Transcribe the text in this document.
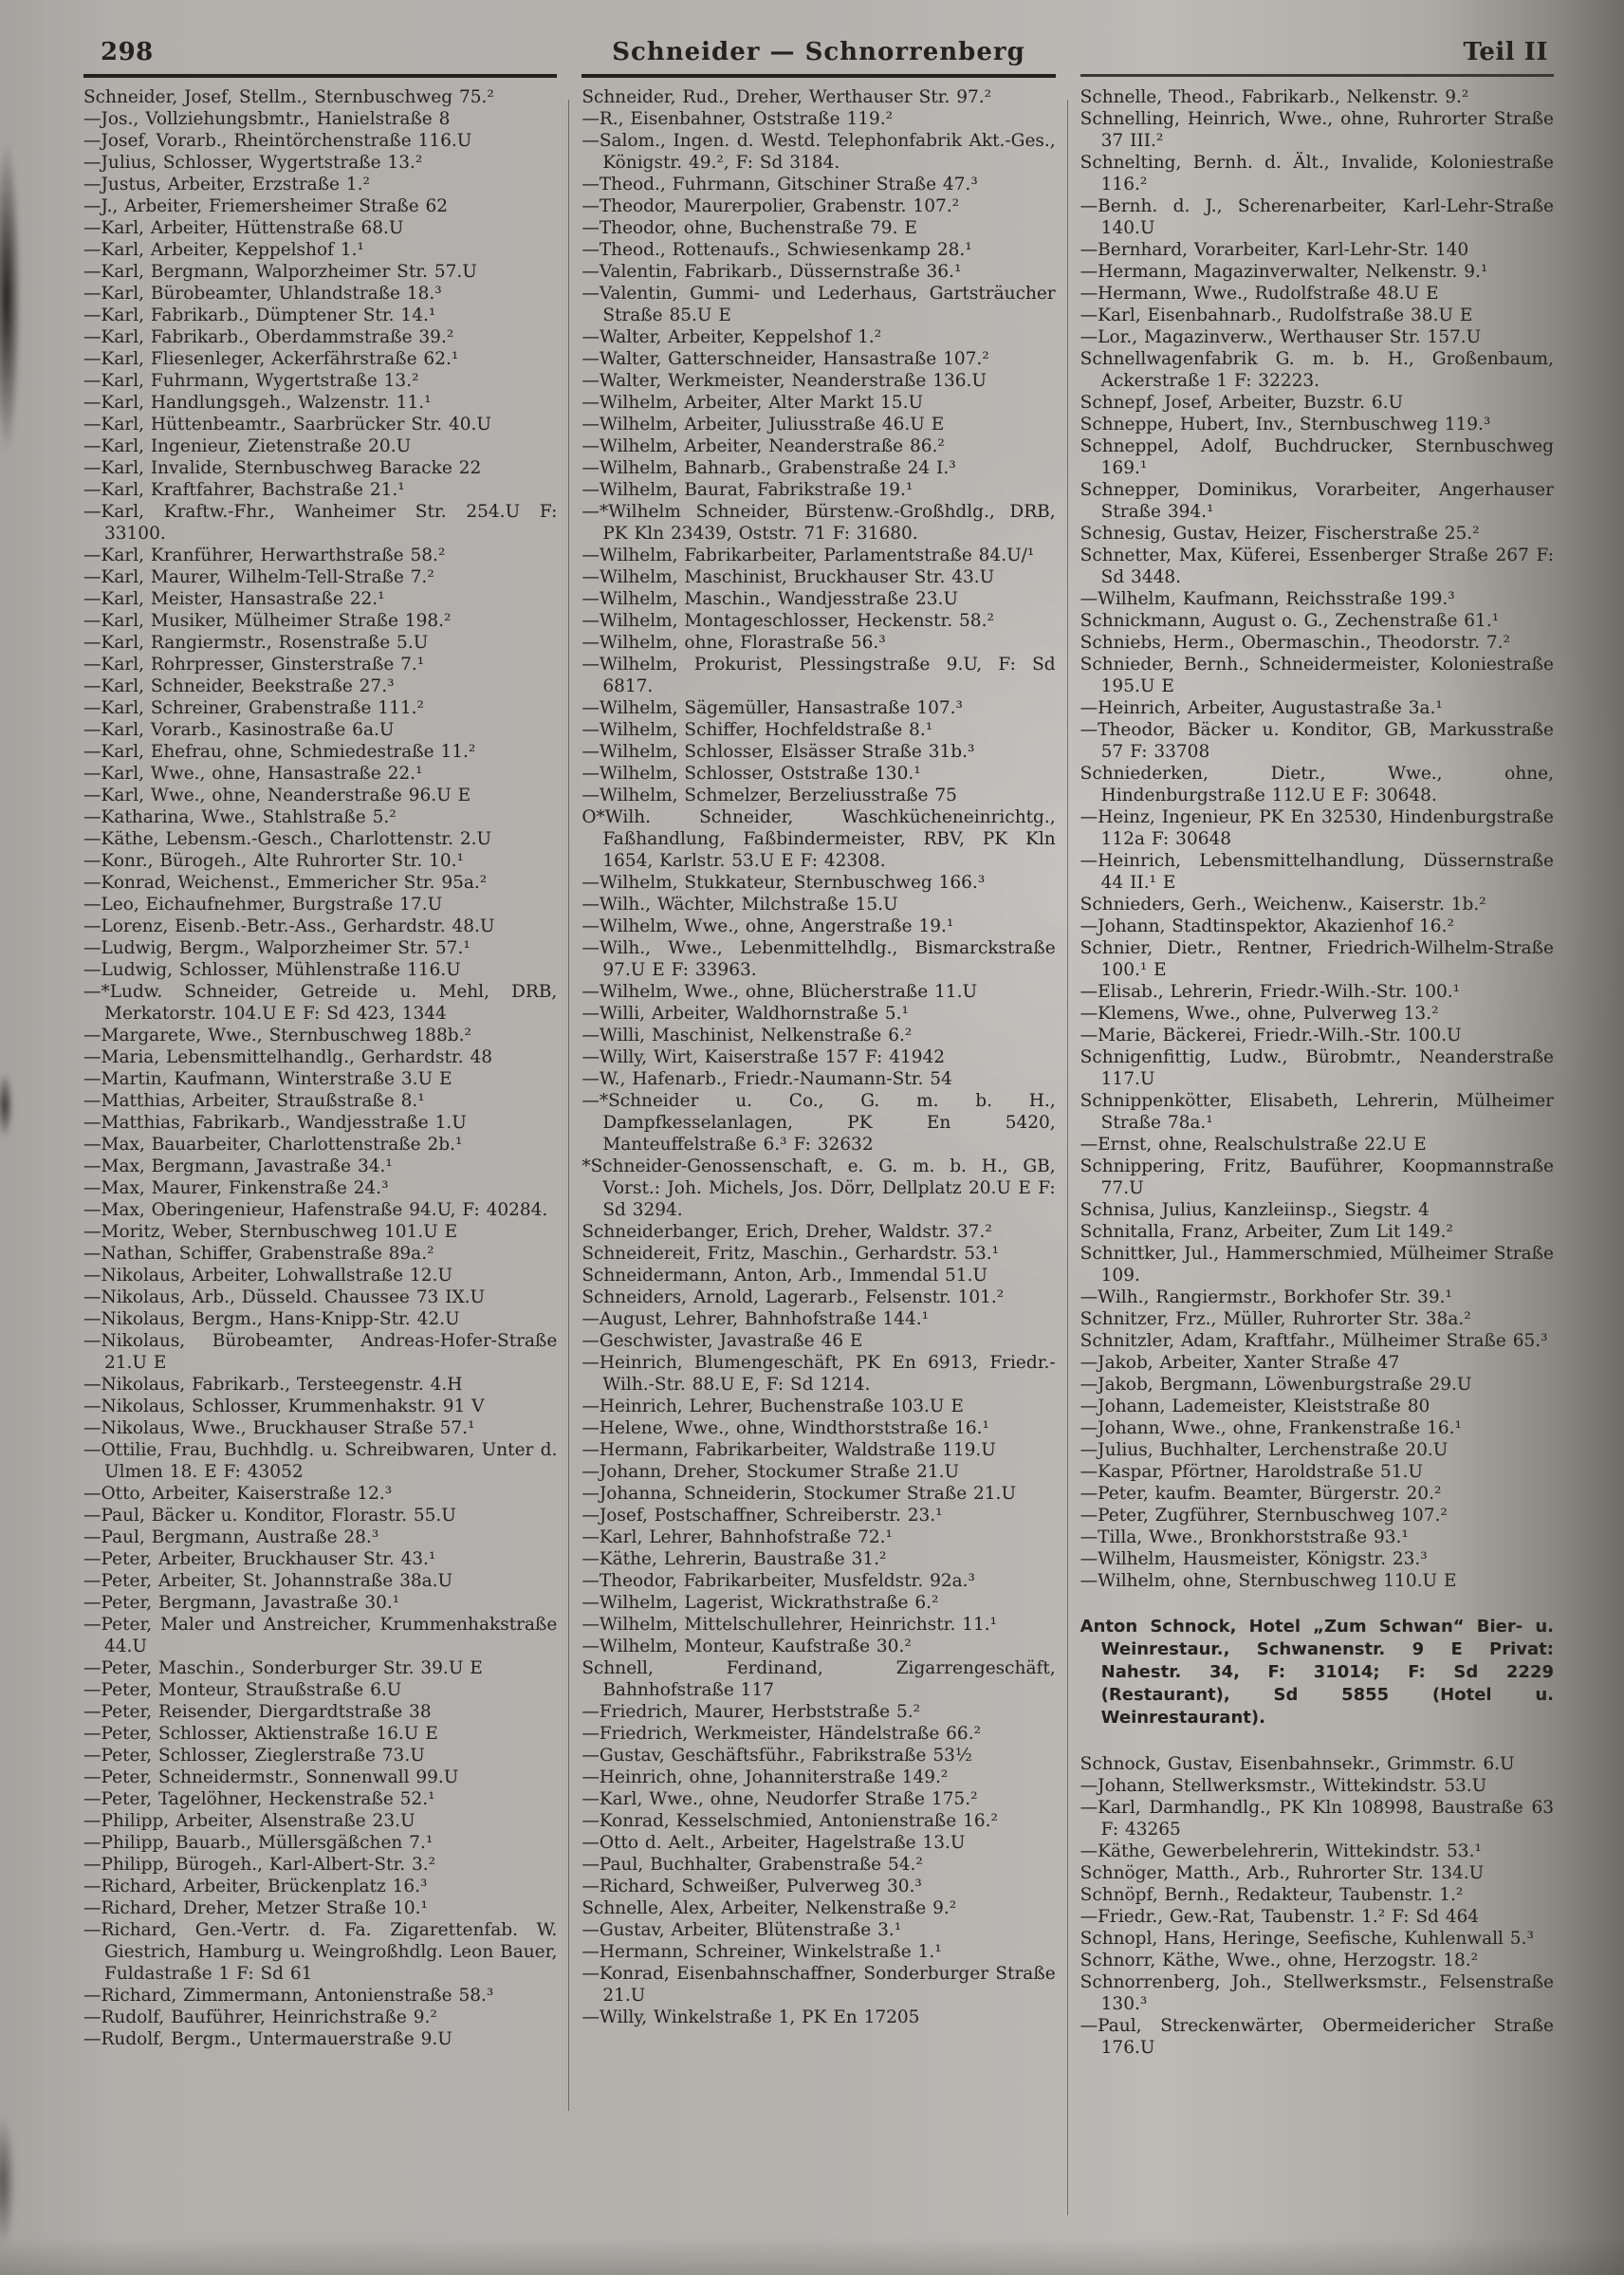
298	Schneider — Schnorrenberg	Teil II

Schneider, Josef, Stellm., Sternbuschweg 75.²

—Jos., Vollziehungsbmtr., Hanielstraße 8

—Josef, Vorarb., Rheintörchenstraße 116.U

—Julius, Schlosser, Wygertstraße 13.²

—Justus, Arbeiter, Erzstraße 1.²

—J., Arbeiter, Friemersheimer Straße 62

—Karl, Arbeiter, Hüttenstraße 68.U

—Karl, Arbeiter, Keppelshof 1.¹

—Karl, Bergmann, Walporzheimer Str. 57.U

—Karl, Bürobeamter, Uhlandstraße 18.³

—Karl, Fabrikarb., Dümptener Str. 14.¹

—Karl, Fabrikarb., Oberdammstraße 39.²

—Karl, Fliesenleger, Ackerfährstraße 62.¹

—Karl, Fuhrmann, Wygertstraße 13.²

—Karl, Handlungsgeh., Walzenstr. 11.¹

—Karl, Hüttenbeamtr., Saarbrücker Str. 40.U

—Karl, Ingenieur, Zietenstraße 20.U

—Karl, Invalide, Sternbuschweg Baracke 22

—Karl, Kraftfahrer, Bachstraße 21.¹

—Karl, Kraftw.-Fhr., Wanheimer Str. 254.U F: 33100.

—Karl, Kranführer, Herwarthstraße 58.²

—Karl, Maurer, Wilhelm-Tell-Straße 7.²

—Karl, Meister, Hansastraße 22.¹

—Karl, Musiker, Mülheimer Straße 198.²

—Karl, Rangiermstr., Rosenstraße 5.U

—Karl, Rohrpresser, Ginsterstraße 7.¹

—Karl, Schneider, Beekstraße 27.³

—Karl, Schreiner, Grabenstraße 111.²

—Karl, Vorarb., Kasinostraße 6a.U

—Karl, Ehefrau, ohne, Schmiedestraße 11.²

—Karl, Wwe., ohne, Hansastraße 22.¹

—Karl, Wwe., ohne, Neanderstraße 96.U E

—Katharina, Wwe., Stahlstraße 5.²

—Käthe, Lebensm.-Gesch., Charlottenstr. 2.U

—Konr., Bürogeh., Alte Ruhrorter Str. 10.¹

—Konrad, Weichenst., Emmericher Str. 95a.²

—Leo, Eichaufnehmer, Burgstraße 17.U

—Lorenz, Eisenb.-Betr.-Ass., Gerhardstr. 48.U

—Ludwig, Bergm., Walporzheimer Str. 57.¹

—Ludwig, Schlosser, Mühlenstraße 116.U

—*Ludw. Schneider, Getreide u. Mehl, DRB, Merkatorstr. 104.U E F: Sd 423, 1344

—Margarete, Wwe., Sternbuschweg 188b.²

—Maria, Lebensmittelhandlg., Gerhardstr. 48

—Martin, Kaufmann, Winterstraße 3.U E

—Matthias, Arbeiter, Straußstraße 8.¹

—Matthias, Fabrikarb., Wandjesstraße 1.U

—Max, Bauarbeiter, Charlottenstraße 2b.¹

—Max, Bergmann, Javastraße 34.¹

—Max, Maurer, Finkenstraße 24.³

—Max, Oberingenieur, Hafenstraße 94.U, F: 40284.

—Moritz, Weber, Sternbuschweg 101.U E

—Nathan, Schiffer, Grabenstraße 89a.²

—Nikolaus, Arbeiter, Lohwallstraße 12.U

—Nikolaus, Arb., Düsseld. Chaussee 73 IX.U

—Nikolaus, Bergm., Hans-Knipp-Str. 42.U

—Nikolaus, Bürobeamter, Andreas-Hofer-Straße 21.U E

—Nikolaus, Fabrikarb., Tersteegenstr. 4.H

—Nikolaus, Schlosser, Krummenhakstr. 91 V

—Nikolaus, Wwe., Bruckhauser Straße 57.¹

—Ottilie, Frau, Buchhdlg. u. Schreibwaren, Unter d. Ulmen 18. E F: 43052

—Otto, Arbeiter, Kaiserstraße 12.³

—Paul, Bäcker u. Konditor, Florastr. 55.U

—Paul, Bergmann, Austraße 28.³

—Peter, Arbeiter, Bruckhauser Str. 43.¹

—Peter, Arbeiter, St. Johannstraße 38a.U

—Peter, Bergmann, Javastraße 30.¹

—Peter, Maler und Anstreicher, Krummenhakstraße 44.U

—Peter, Maschin., Sonderburger Str. 39.U E

—Peter, Monteur, Straußstraße 6.U

—Peter, Reisender, Diergardtstraße 38

—Peter, Schlosser, Aktienstraße 16.U E

—Peter, Schlosser, Zieglerstraße 73.U

—Peter, Schneidermstr., Sonnenwall 99.U

—Peter, Tagelöhner, Heckenstraße 52.¹

—Philipp, Arbeiter, Alsenstraße 23.U

—Philipp, Bauarb., Müllersgäßchen 7.¹

—Philipp, Bürogeh., Karl-Albert-Str. 3.²

—Richard, Arbeiter, Brückenplatz 16.³

—Richard, Dreher, Metzer Straße 10.¹

—Richard, Gen.-Vertr. d. Fa. Zigarettenfab. W. Giestrich, Hamburg u. Weingroßhdlg. Leon Bauer, Fuldastraße 1 F: Sd 61

—Richard, Zimmermann, Antonienstraße 58.³

—Rudolf, Bauführer, Heinrichstraße 9.²

—Rudolf, Bergm., Untermauerstraße 9.U

Schneider, Rud., Dreher, Werthauser Str. 97.²

—R., Eisenbahner, Oststraße 119.²

—Salom., Ingen. d. Westd. Telephonfabrik Akt.-Ges., Königstr. 49.², F: Sd 3184.

—Theod., Fuhrmann, Gitschiner Straße 47.³

—Theodor, Maurerpolier, Grabenstr. 107.²

—Theodor, ohne, Buchenstraße 79. E

—Theod., Rottenaufs., Schwiesenkamp 28.¹

—Valentin, Fabrikarb., Düssernstraße 36.¹

—Valentin, Gummi- und Lederhaus, Gartsträucher Straße 85.U E

—Walter, Arbeiter, Keppelshof 1.²

—Walter, Gatterschneider, Hansastraße 107.²

—Walter, Werkmeister, Neanderstraße 136.U

—Wilhelm, Arbeiter, Alter Markt 15.U

—Wilhelm, Arbeiter, Juliusstraße 46.U E

—Wilhelm, Arbeiter, Neanderstraße 86.²

—Wilhelm, Bahnarb., Grabenstraße 24 I.³

—Wilhelm, Baurat, Fabrikstraße 19.¹

—*Wilhelm Schneider, Bürstenw.-Großhdlg., DRB, PK Kln 23439, Oststr. 71 F: 31680.

—Wilhelm, Fabrikarbeiter, Parlamentstraße 84.U/¹

—Wilhelm, Maschinist, Bruckhauser Str. 43.U

—Wilhelm, Maschin., Wandjesstraße 23.U

—Wilhelm, Montageschlosser, Heckenstr. 58.²

—Wilhelm, ohne, Florastraße 56.³

—Wilhelm, Prokurist, Plessingstraße 9.U, F: Sd 6817.

—Wilhelm, Sägemüller, Hansastraße 107.³

—Wilhelm, Schiffer, Hochfeldstraße 8.¹

—Wilhelm, Schlosser, Elsässer Straße 31b.³

—Wilhelm, Schlosser, Oststraße 130.¹

—Wilhelm, Schmelzer, Berzeliusstraße 75

O*Wilh. Schneider, Waschkücheneinrichtg., Faßhandlung, Faßbindermeister, RBV, PK Kln 1654, Karlstr. 53.U E F: 42308.

—Wilhelm, Stukkateur, Sternbuschweg 166.³

—Wilh., Wächter, Milchstraße 15.U

—Wilhelm, Wwe., ohne, Angerstraße 19.¹

—Wilh., Wwe., Lebenmittelhdlg., Bismarckstraße 97.U E F: 33963.

—Wilhelm, Wwe., ohne, Blücherstraße 11.U

—Willi, Arbeiter, Waldhornstraße 5.¹

—Willi, Maschinist, Nelkenstraße 6.²

—Willy, Wirt, Kaiserstraße 157 F: 41942

—W., Hafenarb., Friedr.-Naumann-Str. 54

—*Schneider u. Co., G. m. b. H., Dampfkesselanlagen, PK En 5420, Manteuffelstraße 6.³ F: 32632

*Schneider-Genossenschaft, e. G. m. b. H., GB, Vorst.: Joh. Michels, Jos. Dörr, Dellplatz 20.U E F: Sd 3294.

Schneiderbanger, Erich, Dreher, Waldstr. 37.²

Schneidereit, Fritz, Maschin., Gerhardstr. 53.¹

Schneidermann, Anton, Arb., Immendal 51.U

Schneiders, Arnold, Lagerarb., Felsenstr. 101.²

—August, Lehrer, Bahnhofstraße 144.¹

—Geschwister, Javastraße 46 E

—Heinrich, Blumengeschäft, PK En 6913, Friedr.-Wilh.-Str. 88.U E, F: Sd 1214.

—Heinrich, Lehrer, Buchenstraße 103.U E

—Helene, Wwe., ohne, Windthorststraße 16.¹

—Hermann, Fabrikarbeiter, Waldstraße 119.U

—Johann, Dreher, Stockumer Straße 21.U

—Johanna, Schneiderin, Stockumer Straße 21.U

—Josef, Postschaffner, Schreiberstr. 23.¹

—Karl, Lehrer, Bahnhofstraße 72.¹

—Käthe, Lehrerin, Baustraße 31.²

—Theodor, Fabrikarbeiter, Musfeldstr. 92a.³

—Wilhelm, Lagerist, Wickrathstraße 6.²

—Wilhelm, Mittelschullehrer, Heinrichstr. 11.¹

—Wilhelm, Monteur, Kaufstraße 30.²

Schnell, Ferdinand, Zigarrengeschäft, Bahnhofstraße 117

—Friedrich, Maurer, Herbststraße 5.²

—Friedrich, Werkmeister, Händelstraße 66.²

—Gustav, Geschäftsführ., Fabrikstraße 53½

—Heinrich, ohne, Johanniterstraße 149.²

—Karl, Wwe., ohne, Neudorfer Straße 175.²

—Konrad, Kesselschmied, Antonienstraße 16.²

—Otto d. Aelt., Arbeiter, Hagelstraße 13.U

—Paul, Buchhalter, Grabenstraße 54.²

—Richard, Schweißer, Pulverweg 30.³

Schnelle, Alex, Arbeiter, Nelkenstraße 9.²

—Gustav, Arbeiter, Blütenstraße 3.¹

—Hermann, Schreiner, Winkelstraße 1.¹

—Konrad, Eisenbahnschaffner, Sonderburger Straße 21.U

—Willy, Winkelstraße 1, PK En 17205

Schnelle, Theod., Fabrikarb., Nelkenstr. 9.²

Schnelling, Heinrich, Wwe., ohne, Ruhrorter Straße 37 III.²

Schnelting, Bernh. d. Ält., Invalide, Koloniestraße 116.²

—Bernh. d. J., Scherenarbeiter, Karl-Lehr-Straße 140.U

—Bernhard, Vorarbeiter, Karl-Lehr-Str. 140

—Hermann, Magazinverwalter, Nelkenstr. 9.¹

—Hermann, Wwe., Rudolfstraße 48.U E

—Karl, Eisenbahnarb., Rudolfstraße 38.U E

—Lor., Magazinverw., Werthauser Str. 157.U

Schnellwagenfabrik G. m. b. H., Großenbaum, Ackerstraße 1 F: 32223.

Schnepf, Josef, Arbeiter, Buzstr. 6.U

Schneppe, Hubert, Inv., Sternbuschweg 119.³

Schneppel, Adolf, Buchdrucker, Sternbuschweg 169.¹

Schnepper, Dominikus, Vorarbeiter, Angerhauser Straße 394.¹

Schnesig, Gustav, Heizer, Fischerstraße 25.²

Schnetter, Max, Küferei, Essenberger Straße 267 F: Sd 3448.

—Wilhelm, Kaufmann, Reichsstraße 199.³

Schnickmann, August o. G., Zechenstraße 61.¹

Schniebs, Herm., Obermaschin., Theodorstr. 7.²

Schnieder, Bernh., Schneidermeister, Koloniestraße 195.U E

—Heinrich, Arbeiter, Augustastraße 3a.¹

—Theodor, Bäcker u. Konditor, GB, Markusstraße 57 F: 33708

Schniederken, Dietr., Wwe., ohne, Hindenburgstraße 112.U E F: 30648.

—Heinz, Ingenieur, PK En 32530, Hindenburgstraße 112a F: 30648

—Heinrich, Lebensmittelhandlung, Düssernstraße 44 II.¹ E

Schnieders, Gerh., Weichenw., Kaiserstr. 1b.²

—Johann, Stadtinspektor, Akazienhof 16.²

Schnier, Dietr., Rentner, Friedrich-Wilhelm-Straße 100.¹ E

—Elisab., Lehrerin, Friedr.-Wilh.-Str. 100.¹

—Klemens, Wwe., ohne, Pulverweg 13.²

—Marie, Bäckerei, Friedr.-Wilh.-Str. 100.U

Schnigenfittig, Ludw., Bürobmtr., Neanderstraße 117.U

Schnippenkötter, Elisabeth, Lehrerin, Mülheimer Straße 78a.¹

—Ernst, ohne, Realschulstraße 22.U E

Schnippering, Fritz, Bauführer, Koopmannstraße 77.U

Schnisa, Julius, Kanzleiinsp., Siegstr. 4

Schnitalla, Franz, Arbeiter, Zum Lit 149.²

Schnittker, Jul., Hammerschmied, Mülheimer Straße 109.

—Wilh., Rangiermstr., Borkhofer Str. 39.¹

Schnitzer, Frz., Müller, Ruhrorter Str. 38a.²

Schnitzler, Adam, Kraftfahr., Mülheimer Straße 65.³

—Jakob, Arbeiter, Xanter Straße 47

—Jakob, Bergmann, Löwenburgstraße 29.U

—Johann, Lademeister, Kleiststraße 80

—Johann, Wwe., ohne, Frankenstraße 16.¹

—Julius, Buchhalter, Lerchenstraße 20.U

—Kaspar, Pförtner, Haroldstraße 51.U

—Peter, kaufm. Beamter, Bürgerstr. 20.²

—Peter, Zugführer, Sternbuschweg 107.²

—Tilla, Wwe., Bronkhorststraße 93.¹

—Wilhelm, Hausmeister, Königstr. 23.³

—Wilhelm, ohne, Sternbuschweg 110.U E

Anton Schnock, Hotel „Zum Schwan“ Bier- u. Weinrestaur., Schwanenstr. 9 E Privat: Nahestr. 34, F: 31014; F: Sd 2229 (Restaurant), Sd 5855 (Hotel u. Weinrestaurant).

Schnock, Gustav, Eisenbahnsekr., Grimmstr. 6.U

—Johann, Stellwerksmstr., Wittekindstr. 53.U

—Karl, Darmhandlg., PK Kln 108998, Baustraße 63 F: 43265

—Käthe, Gewerbelehrerin, Wittekindstr. 53.¹

Schnöger, Matth., Arb., Ruhrorter Str. 134.U

Schnöpf, Bernh., Redakteur, Taubenstr. 1.²

—Friedr., Gew.-Rat, Taubenstr. 1.² F: Sd 464

Schnopl, Hans, Heringe, Seefische, Kuhlenwall 5.³

Schnorr, Käthe, Wwe., ohne, Herzogstr. 18.²

Schnorrenberg, Joh., Stellwerksmstr., Felsenstraße 130.³

—Paul, Streckenwärter, Obermeidericher Straße 176.U
